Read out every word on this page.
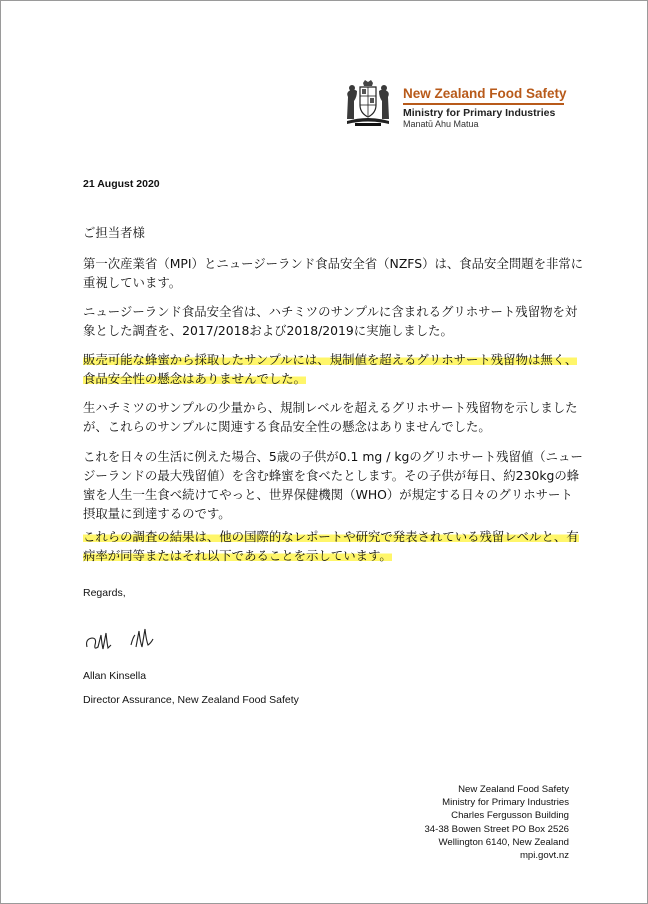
New Zealand Food Safety
Ministry for Primary Industries
Manatū Ahu Matua
21 August 2020
ご担当者様
第一次産業省（MPI）とニュージーランド食品安全省（NZFS）は、食品安全問題を非常に
重視しています。
ニュージーランド食品安全省は、ハチミツのサンプルに含まれるグリホサート残留物を対
象とした調査を、2017/2018および2018/2019に実施しました。
販売可能な蜂蜜から採取したサンプルには、規制値を超えるグリホサート残留物は無く、
食品安全性の懸念はありませんでした。
生ハチミツのサンプルの少量から、規制レベルを超えるグリホサート残留物を示しました
が、これらのサンプルに関連する食品安全性の懸念はありませんでした。
これを日々の生活に例えた場合、5歳の子供が0.1 mg / kgのグリホサート残留値（ニュー
ジーランドの最大残留値）を含む蜂蜜を食べたとします。その子供が毎日、約230kgの蜂
蜜を人生一生食べ続けてやっと、世界保健機関（WHO）が規定する日々のグリホサート
摂取量に到達するのです。
これらの調査の結果は、他の国際的なレポートや研究で発表されている残留レベルと、有
病率が同等またはそれ以下であることを示しています。
Regards,
Allan Kinsella
Director Assurance, New Zealand Food Safety
New Zealand Food Safety
Ministry for Primary Industries
Charles Fergusson Building
34-38 Bowen Street PO Box 2526
Wellington 6140, New Zealand
mpi.govt.nz
